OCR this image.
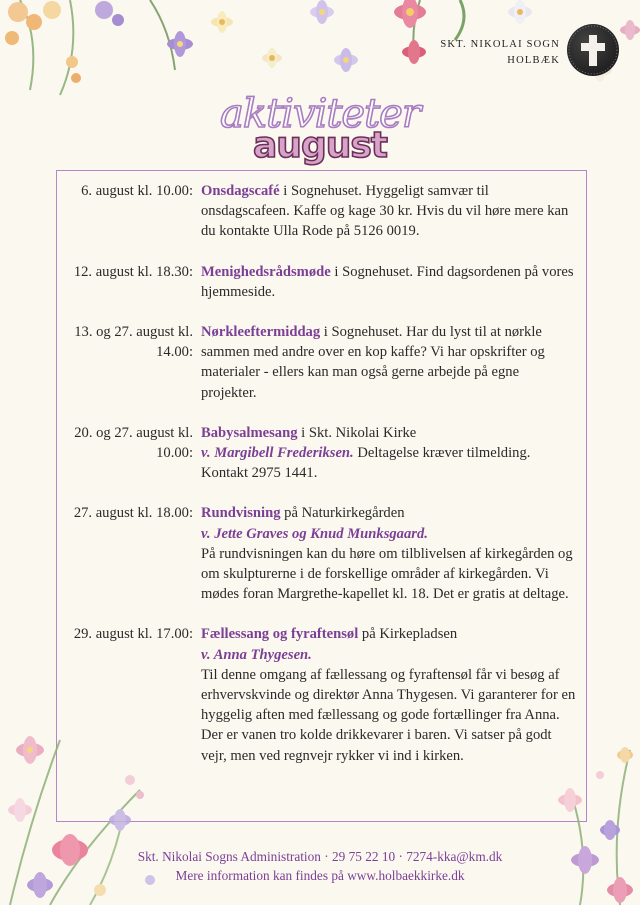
SKT. NIKOLAI SOGN
HOLBÆK
aktiviteter
august
6. august kl. 10.00: Onsdagscafé i Sognehuset. Hyggeligt samvær til onsdagscafeen. Kaffe og kage 30 kr. Hvis du vil høre mere kan du kontakte Ulla Rode på 5126 0019.
12. august kl. 18.30: Menighedsrådsmøde i Sognehuset. Find dagsordenen på vores hjemmeside.
13. og 27. august kl. 14.00:
Nørkleeftermiddag i Sognehuset. Har du lyst til at nørkle sammen med andre over en kop kaffe? Vi har opskrifter og materialer - ellers kan man også gerne arbejde på egne projekter.
20. og 27. august kl. 10.00:
Babysalmesang i Skt. Nikolai Kirke
v. Margibell Frederiksen. Deltagelse kræver tilmelding. Kontakt 2975 1441.
27. august kl. 18.00: Rundvisning på Naturkirkegården
v. Jette Graves og Knud Munksgaard.
På rundvisningen kan du høre om tilblivelsen af kirkegården og om skulpturerne i de forskellige områder af kirkegården. Vi mødes foran Margrethe-kapellet kl. 18. Det er gratis at deltage.
29. august kl. 17.00: Fællessang og fyraftensøl på Kirkepladsen
v. Anna Thygesen.
Til denne omgang af fællessang og fyraftensøl får vi besøg af erhvervskvinde og direktør Anna Thygesen. Vi garanterer for en hyggelig aften med fællessang og gode fortællinger fra Anna. Der er vanen tro kolde drikkevarer i baren. Vi satser på godt vejr, men ved regnvejr rykker vi ind i kirken.
Skt. Nikolai Sogns Administration · 29 75 22 10 · 7274-kka@km.dk
Mere information kan findes på www.holbaekkirke.dk
